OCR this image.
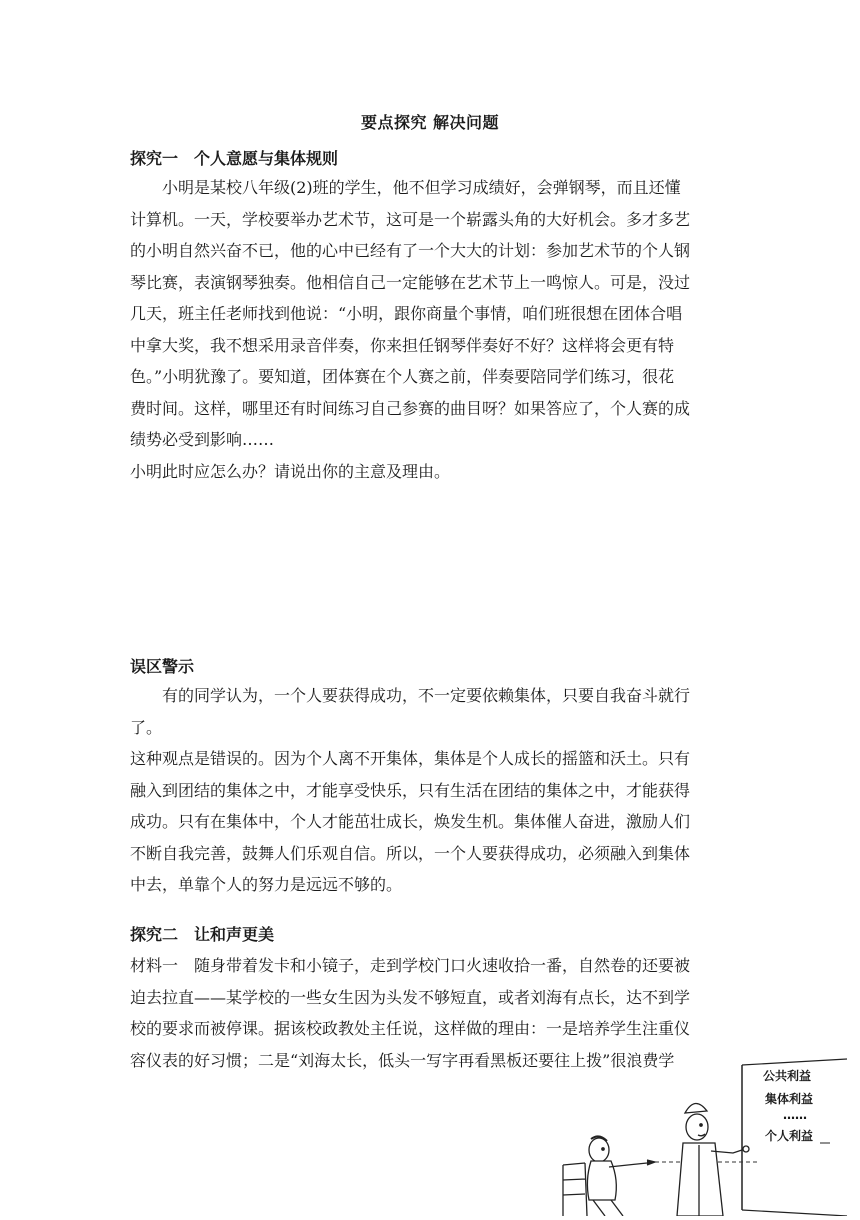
要点探究 解决问题
探究一　个人意愿与集体规则
小明是某校八年级(2)班的学生，他不但学习成绩好，会弹钢琴，而且还懂
计算机。一天，学校要举办艺术节，这可是一个崭露头角的大好机会。多才多艺
的小明自然兴奋不已，他的心中已经有了一个大大的计划：参加艺术节的个人钢
琴比赛，表演钢琴独奏。他相信自己一定能够在艺术节上一鸣惊人。可是，没过
几天，班主任老师找到他说：“小明，跟你商量个事情，咱们班很想在团体合唱
中拿大奖，我不想采用录音伴奏，你来担任钢琴伴奏好不好？这样将会更有特
色。”小明犹豫了。要知道，团体赛在个人赛之前，伴奏要陪同学们练习，很花
费时间。这样，哪里还有时间练习自己参赛的曲目呀？如果答应了，个人赛的成
绩势必受到影响……
小明此时应怎么办？请说出你的主意及理由。
误区警示
有的同学认为，一个人要获得成功，不一定要依赖集体，只要自我奋斗就行
了。
这种观点是错误的。因为个人离不开集体，集体是个人成长的摇篮和沃土。只有
融入到团结的集体之中，才能享受快乐，只有生活在团结的集体之中，才能获得
成功。只有在集体中，个人才能茁壮成长，焕发生机。集体催人奋进，激励人们
不断自我完善，鼓舞人们乐观自信。所以，一个人要获得成功，必须融入到集体
中去，单靠个人的努力是远远不够的。
探究二　让和声更美
材料一　随身带着发卡和小镜子，走到学校门口火速收拾一番，自然卷的还要被
迫去拉直——某学校的一些女生因为头发不够短直，或者刘海有点长，达不到学
校的要求而被停课。据该校政教处主任说，这样做的理由：一是培养学生注重仪
容仪表的好习惯；二是“刘海太长，低头一写字再看黑板还要往上拨”很浪费学
公共利益
集体利益
……
个人利益
